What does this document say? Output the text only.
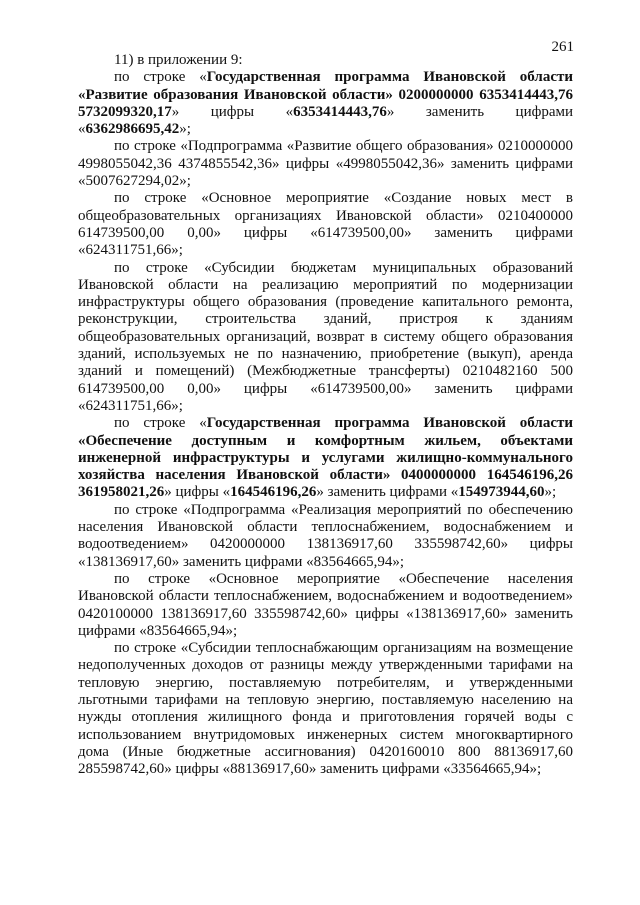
261

11) в приложении 9:

по строке «Государственная программа Ивановской области «Развитие образования Ивановской области» 0200000000 6353414443,76 5732099320,17» цифры «6353414443,76» заменить цифрами «6362986695,42»;

по строке «Подпрограмма «Развитие общего образования» 0210000000 4998055042,36 4374855542,36» цифры «4998055042,36» заменить цифрами «5007627294,02»;

по строке «Основное мероприятие «Создание новых мест в общеобразовательных организациях Ивановской области» 0210400000 614739500,00 0,00» цифры «614739500,00» заменить цифрами «624311751,66»;

по строке «Субсидии бюджетам муниципальных образований Ивановской области на реализацию мероприятий по модернизации инфраструктуры общего образования (проведение капитального ремонта, реконструкции, строительства зданий, пристроя к зданиям общеобразовательных организаций, возврат в систему общего образования зданий, используемых не по назначению, приобретение (выкуп), аренда зданий и помещений) (Межбюджетные трансферты) 0210482160 500 614739500,00 0,00» цифры «614739500,00» заменить цифрами «624311751,66»;

по строке «Государственная программа Ивановской области «Обеспечение доступным и комфортным жильем, объектами инженерной инфраструктуры и услугами жилищно-коммунального хозяйства населения Ивановской области» 0400000000 164546196,26 361958021,26» цифры «164546196,26» заменить цифрами «154973944,60»;

по строке «Подпрограмма «Реализация мероприятий по обеспечению населения Ивановской области теплоснабжением, водоснабжением и водоотведением» 0420000000 138136917,60 335598742,60» цифры «138136917,60» заменить цифрами «83564665,94»;

по строке «Основное мероприятие «Обеспечение населения Ивановской области теплоснабжением, водоснабжением и водоотведением» 0420100000 138136917,60 335598742,60» цифры «138136917,60» заменить цифрами «83564665,94»;

по строке «Субсидии теплоснабжающим организациям на возмещение недополученных доходов от разницы между утвержденными тарифами на тепловую энергию, поставляемую потребителям, и утвержденными льготными тарифами на тепловую энергию, поставляемую населению на нужды отопления жилищного фонда и приготовления горячей воды с использованием внутридомовых инженерных систем многоквартирного дома (Иные бюджетные ассигнования) 0420160010 800 88136917,60 285598742,60» цифры «88136917,60» заменить цифрами «33564665,94»;
